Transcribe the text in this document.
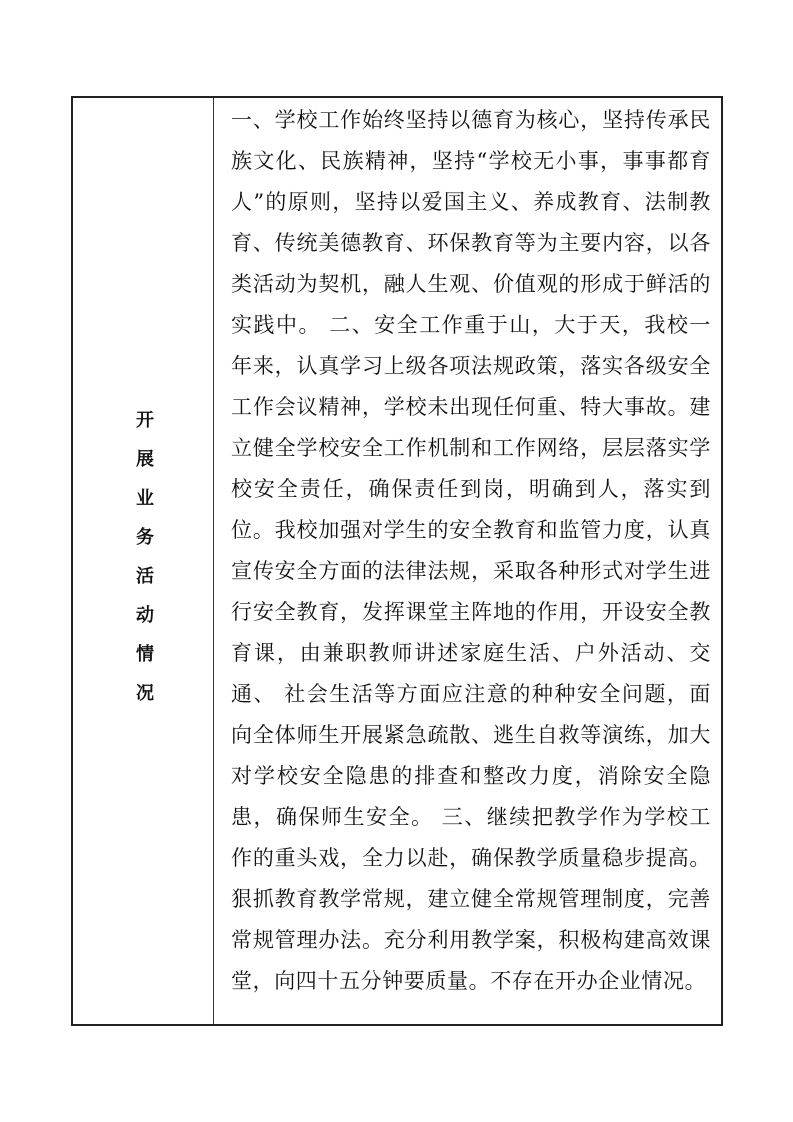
开展业务活动情况

一、学校工作始终坚持以德育为核心，坚持传承民族文化、民族精神，坚持“学校无小事，事事都育人”的原则，坚持以爱国主义、养成教育、法制教育、传统美德教育、环保教育等为主要内容，以各类活动为契机，融人生观、价值观的形成于鲜活的实践中。 二、安全工作重于山，大于天，我校一年来，认真学习上级各项法规政策，落实各级安全工作会议精神，学校未出现任何重、特大事故。建立健全学校安全工作机制和工作网络，层层落实学校安全责任，确保责任到岗，明确到人，落实到位。我校加强对学生的安全教育和监管力度，认真宣传安全方面的法律法规，采取各种形式对学生进行安全教育，发挥课堂主阵地的作用，开设安全教育课，由兼职教师讲述家庭生活、户外活动、交通、 社会生活等方面应注意的种种安全问题，面向全体师生开展紧急疏散、逃生自救等演练，加大对学校安全隐患的排查和整改力度，消除安全隐患，确保师生安全。 三、继续把教学作为学校工作的重头戏，全力以赴，确保教学质量稳步提高。狠抓教育教学常规，建立健全常规管理制度，完善常规管理办法。充分利用教学案，积极构建高效课堂，向四十五分钟要质量。不存在开办企业情况。
